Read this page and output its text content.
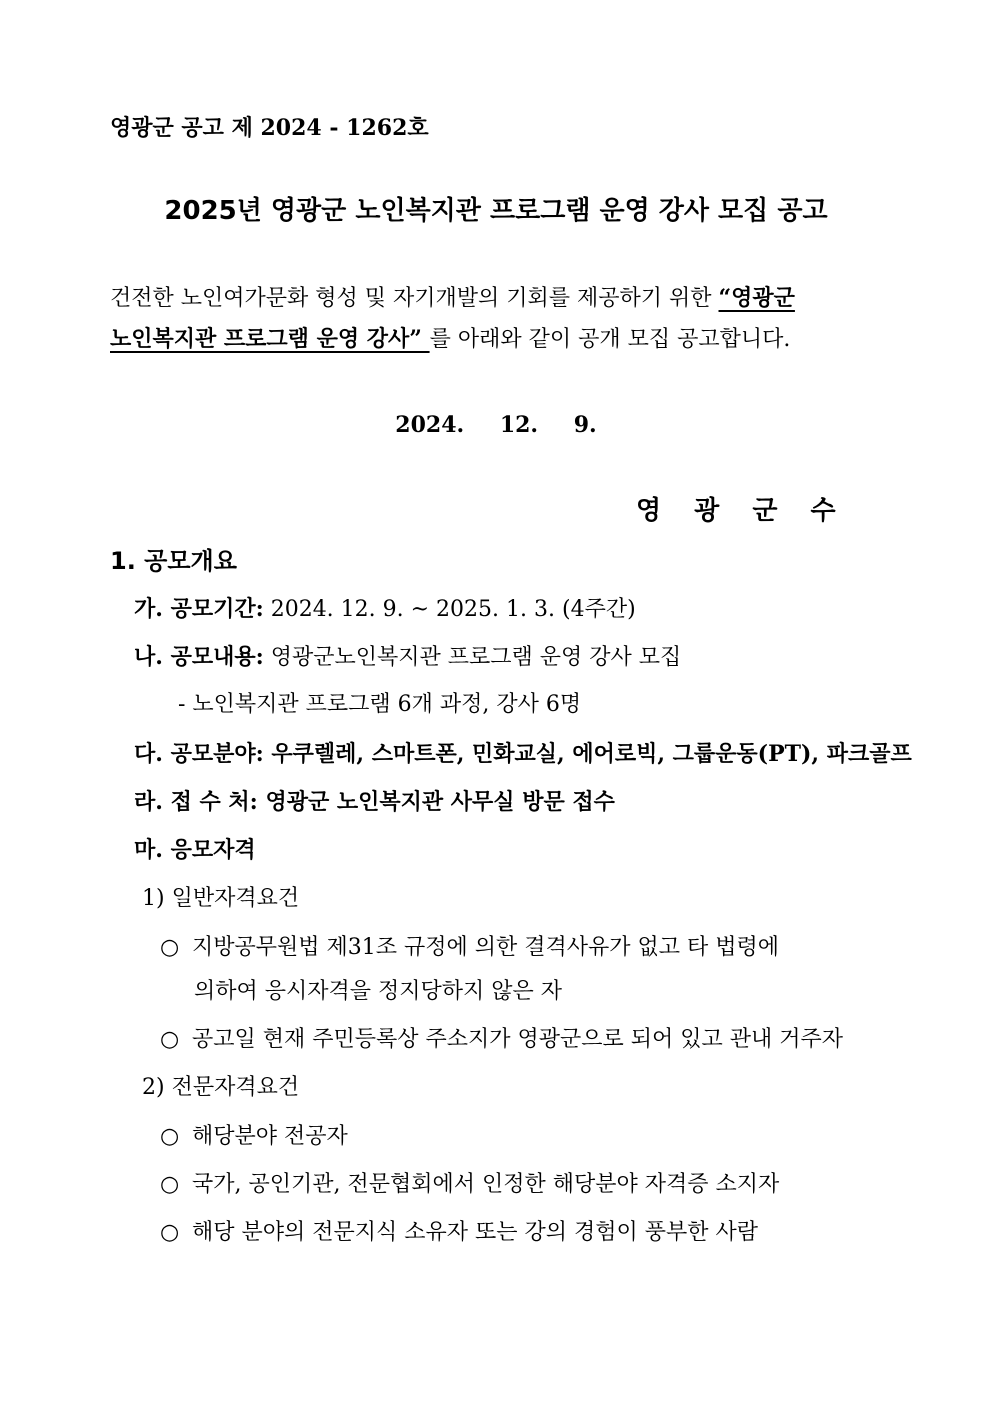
영광군 공고 제 2024 - 1262호
2025년 영광군 노인복지관 프로그램 운영 강사 모집 공고
건전한 노인여가문화 형성 및 자기개발의 기회를 제공하기 위한 “영광군
노인복지관 프로그램 운영 강사” 를 아래와 같이 공개 모집 공고합니다.
2024. 12. 9.
영 광 군 수
1. 공모개요
가. 공모기간: 2024. 12. 9. ~ 2025. 1. 3. (4주간)
나. 공모내용: 영광군노인복지관 프로그램 운영 강사 모집
- 노인복지관 프로그램 6개 과정, 강사 6명
다. 공모분야: 우쿠렐레, 스마트폰, 민화교실, 에어로빅, 그룹운동(PT), 파크골프
라. 접 수 처: 영광군 노인복지관 사무실 방문 접수
마. 응모자격
1) 일반자격요건
○ 지방공무원법 제31조 규정에 의한 결격사유가 없고 타 법령에
의하여 응시자격을 정지당하지 않은 자
○ 공고일 현재 주민등록상 주소지가 영광군으로 되어 있고 관내 거주자
2) 전문자격요건
○ 해당분야 전공자
○ 국가, 공인기관, 전문협회에서 인정한 해당분야 자격증 소지자
○ 해당 분야의 전문지식 소유자 또는 강의 경험이 풍부한 사람
